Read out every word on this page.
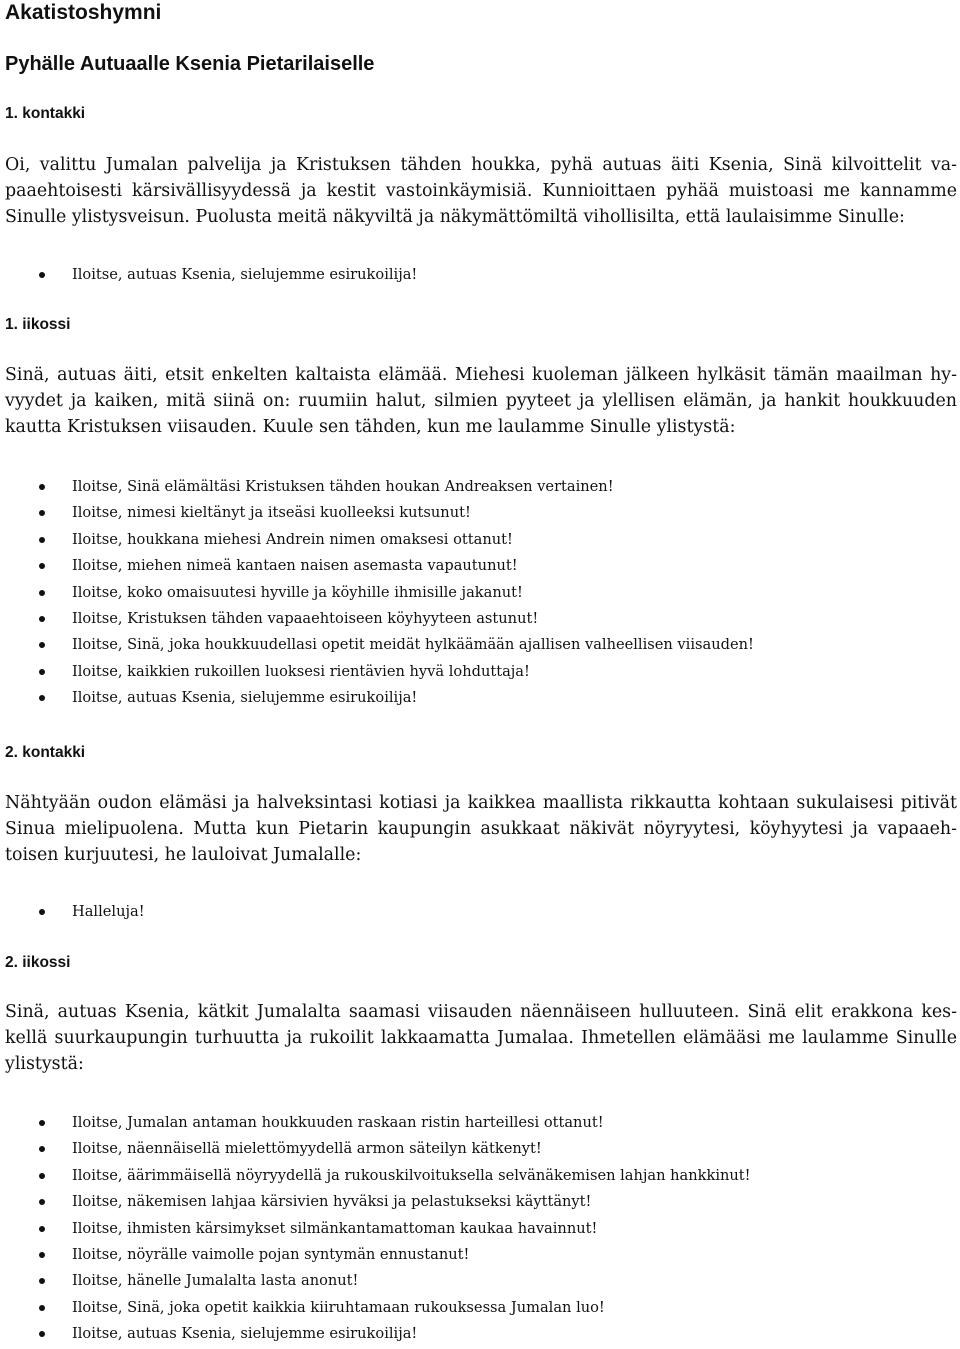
Akatistoshymni
Pyhälle Autuaalle Ksenia Pietarilaiselle
1. kontakki

Oi, valittu Jumalan palvelija ja Kristuksen tähden houkka, pyhä autuas äiti Ksenia, Sinä kilvoittelit vapaaehtoisesti kärsivällisyydessä ja kestit vastoinkäymisiä. Kunnioittaen pyhää muistoasi me kannamme Sinulle ylistysveisun. Puolusta meitä näkyviltä ja näkymättömiltä vihollisilta, että laulaisimme Sinulle:

Iloitse, autuas Ksenia, sielujemme esirukoilija!
1. iikossi

Sinä, autuas äiti, etsit enkelten kaltaista elämää. Miehesi kuoleman jälkeen hylkäsit tämän maailman hyvyydet ja kaiken, mitä siinä on: ruumiin halut, silmien pyyteet ja ylellisen elämän, ja hankit houkkuuden kautta Kristuksen viisauden. Kuule sen tähden, kun me laulamme Sinulle ylistystä:

Iloitse, Sinä elämältäsi Kristuksen tähden houkan Andreaksen vertainen!
Iloitse, nimesi kieltänyt ja itseäsi kuolleeksi kutsunut!
Iloitse, houkkana miehesi Andrein nimen omaksesi ottanut!
Iloitse, miehen nimeä kantaen naisen asemasta vapautunut!
Iloitse, koko omaisuutesi hyville ja köyhille ihmisille jakanut!
Iloitse, Kristuksen tähden vapaaehtoiseen köyhyyteen astunut!
Iloitse, Sinä, joka houkkuudellasi opetit meidät hylkäämään ajallisen valheellisen viisauden!
Iloitse, kaikkien rukoillen luoksesi rientävien hyvä lohduttaja!
Iloitse, autuas Ksenia, sielujemme esirukoilija!
2. kontakki

Nähtyään oudon elämäsi ja halveksintasi kotiasi ja kaikkea maallista rikkautta kohtaan sukulaisesi pitivät Sinua mielipuolena. Mutta kun Pietarin kaupungin asukkaat näkivät nöyryytesi, köyhyytesi ja vapaaehtoisen kurjuutesi, he lauloivat Jumalalle:

Halleluja!
2. iikossi

Sinä, autuas Ksenia, kätkit Jumalalta saamasi viisauden näennäiseen hulluuteen. Sinä elit erakkona keskellä suurkaupungin turhuutta ja rukoilit lakkaamatta Jumalaa. Ihmetellen elämääsi me laulamme Sinulle ylistystä:

Iloitse, Jumalan antaman houkkuuden raskaan ristin harteillesi ottanut!
Iloitse, näennäisellä mielettömyydellä armon säteilyn kätkenyt!
Iloitse, äärimmäisellä nöyryydellä ja rukouskilvoituksella selvänäkemisen lahjan hankkinut!
Iloitse, näkemisen lahjaa kärsivien hyväksi ja pelastukseksi käyttänyt!
Iloitse, ihmisten kärsimykset silmänkantamattoman kaukaa havainnut!
Iloitse, nöyrälle vaimolle pojan syntymän ennustanut!
Iloitse, hänelle Jumalalta lasta anonut!
Iloitse, Sinä, joka opetit kaikkia kiiruhtamaan rukouksessa Jumalan luo!
Iloitse, autuas Ksenia, sielujemme esirukoilija!
